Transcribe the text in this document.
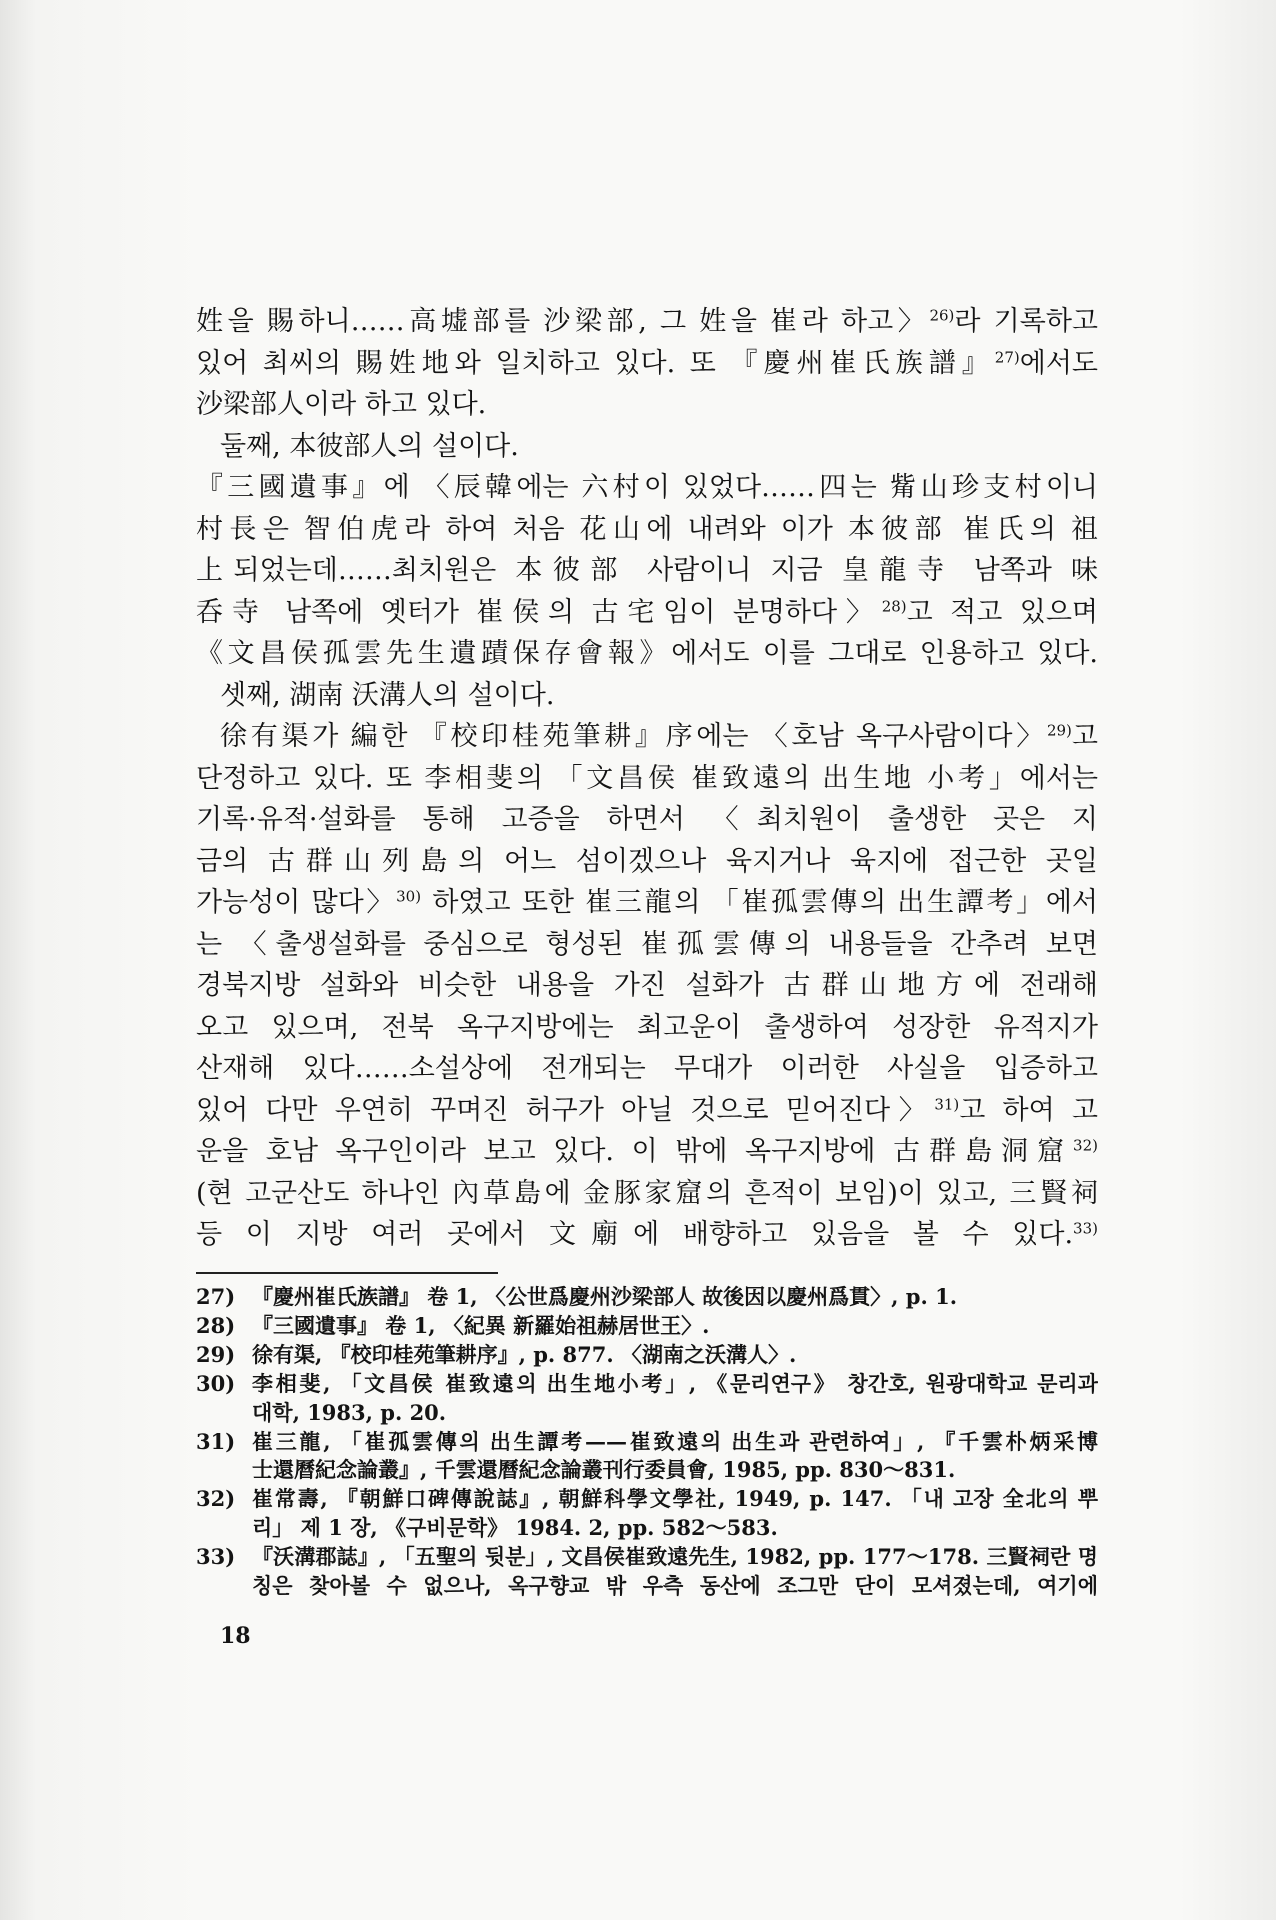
姓을 賜하니……高墟部를 沙梁部, 그 姓을 崔라 하고〉$^{26)}$라 기록하고
있어 최씨의 賜姓地와 일치하고 있다. 또 『慶州崔氏族譜』$^{27)}$에서도
沙梁部人이라 하고 있다.
둘째, 本彼部人의 설이다.
『三國遺事』에 〈辰韓에는 六村이 있었다……四는 觜山珍支村이니
村長은 智伯虎라 하여 처음 花山에 내려와 이가 本彼部 崔氏의 祖
上되었는데……최치원은 本彼部 사람이니 지금 皇龍寺 남쪽과 味
呑寺 남쪽에 옛터가 崔侯의 古宅임이 분명하다〉$^{28)}$고 적고 있으며
《文昌侯孤雲先生遺蹟保存會報》에서도 이를 그대로 인용하고 있다.
셋째, 湖南 沃溝人의 설이다.
徐有渠가 編한 『校印桂苑筆耕』序에는 〈호남 옥구사람이다〉$^{29)}$고
단정하고 있다. 또 李相斐의 「文昌侯 崔致遠의 出生地 小考」에서는
기록·유적·설화를 통해 고증을 하면서 〈최치원이 출생한 곳은 지
금의 古群山列島의 어느 섬이겠으나 육지거나 육지에 접근한 곳일
가능성이 많다〉$^{30)}$ 하였고 또한 崔三龍의 「崔孤雲傳의 出生譚考」에서
는 〈출생설화를 중심으로 형성된 崔孤雲傳의 내용들을 간추려 보면
경북지방 설화와 비슷한 내용을 가진 설화가 古群山地方에 전래해
오고 있으며, 전북 옥구지방에는 최고운이 출생하여 성장한 유적지가
산재해 있다……소설상에 전개되는 무대가 이러한 사실을 입증하고
있어 다만 우연히 꾸며진 허구가 아닐 것으로 믿어진다〉$^{31)}$고 하여 고
운을 호남 옥구인이라 보고 있다. 이 밖에 옥구지방에 古群島洞窟$^{32)}$
(현 고군산도 하나인 內草島에 金豚家窟의 흔적이 보임)이 있고, 三賢祠
등 이 지방 여러 곳에서 文廟에 배향하고 있음을 볼 수 있다.$^{33)}$
27) 『慶州崔氏族譜』 卷 1, 〈公世爲慶州沙梁部人 故後因以慶州爲貫〉, p. 1.
28) 『三國遺事』 卷 1, 〈紀異 新羅始祖赫居世王〉.
29) 徐有渠, 『校印桂苑筆耕序』, p. 877. 〈湖南之沃溝人〉.
30) 李相斐, 「文昌侯 崔致遠의 出生地小考」, 《문리연구》 창간호, 원광대학교 문리과
대학, 1983, p. 20.
31) 崔三龍, 「崔孤雲傳의 出生譚考——崔致遠의 出生과 관련하여」, 『千雲朴炳采博
士還曆紀念論叢』, 千雲還曆紀念論叢刊行委員會, 1985, pp. 830～831.
32) 崔常壽, 『朝鮮口碑傳說誌』, 朝鮮科學文學社, 1949, p. 147. 「내 고장 全北의 뿌
리」 제 1 장, 《구비문학》 1984. 2, pp. 582～583.
33) 『沃溝郡誌』, 「五聖의 뒷분」, 文昌侯崔致遠先生, 1982, pp. 177～178. 三賢祠란 명
칭은 찾아볼 수 없으나, 옥구향교 밖 우측 동산에 조그만 단이 모셔졌는데, 여기에
18
